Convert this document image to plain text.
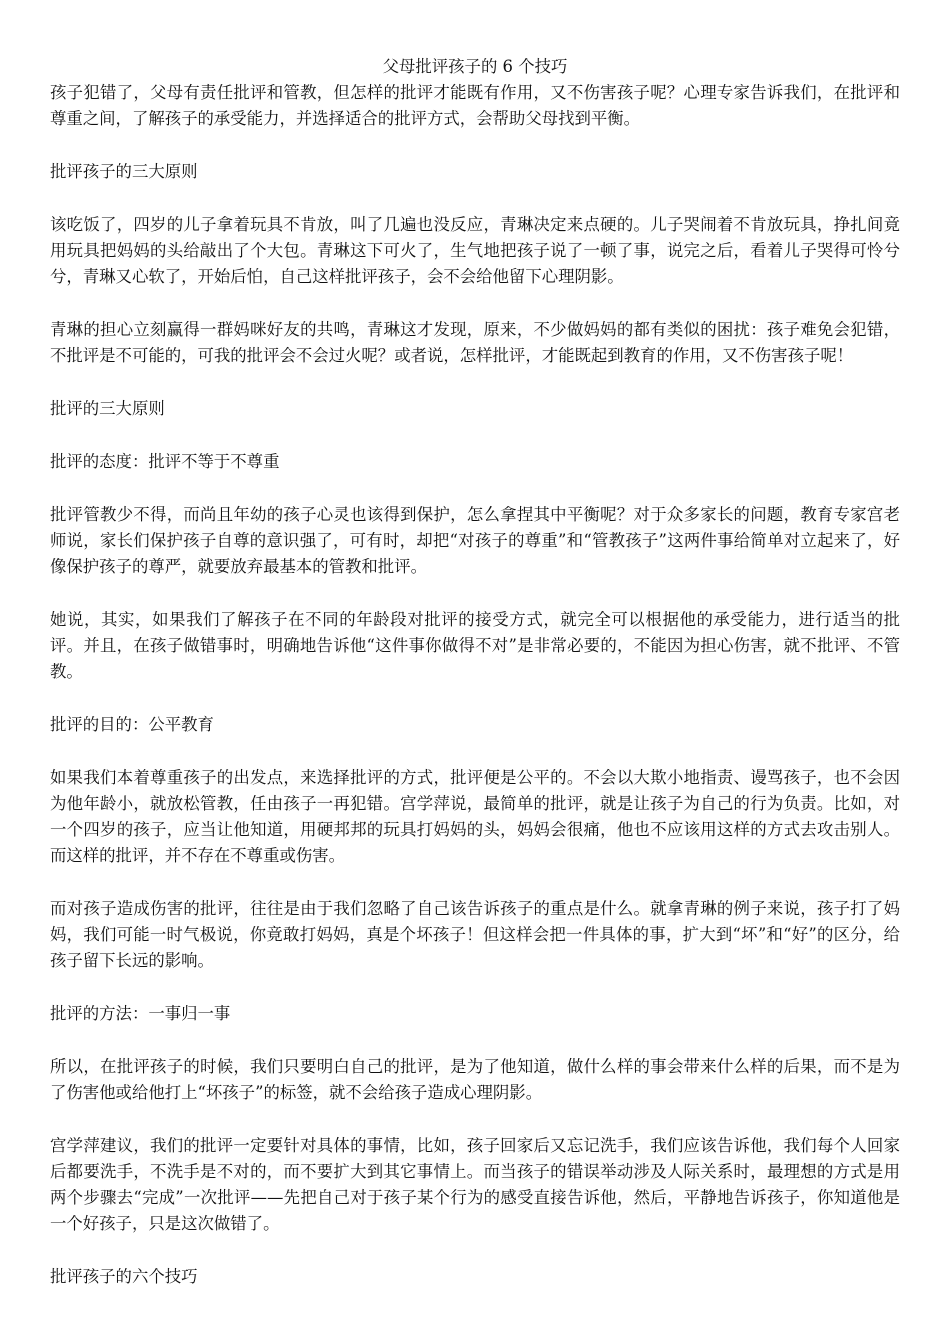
父母批评孩子的 6 个技巧

孩子犯错了，父母有责任批评和管教，但怎样的批评才能既有作用，又不伤害孩子呢？心理专家告诉我们，在批评和尊重之间，了解孩子的承受能力，并选择适合的批评方式，会帮助父母找到平衡。

批评孩子的三大原则

该吃饭了，四岁的儿子拿着玩具不肯放，叫了几遍也没反应，青琳决定来点硬的。儿子哭闹着不肯放玩具，挣扎间竟用玩具把妈妈的头给敲出了个大包。青琳这下可火了，生气地把孩子说了一顿了事，说完之后，看着儿子哭得可怜兮兮，青琳又心软了，开始后怕，自己这样批评孩子，会不会给他留下心理阴影。

青琳的担心立刻赢得一群妈咪好友的共鸣，青琳这才发现，原来，不少做妈妈的都有类似的困扰：孩子难免会犯错，不批评是不可能的，可我的批评会不会过火呢？或者说，怎样批评，才能既起到教育的作用，又不伤害孩子呢！

批评的三大原则

批评的态度：批评不等于不尊重

批评管教少不得，而尚且年幼的孩子心灵也该得到保护，怎么拿捏其中平衡呢？对于众多家长的问题，教育专家宫老师说，家长们保护孩子自尊的意识强了，可有时，却把“对孩子的尊重”和“管教孩子”这两件事给简单对立起来了，好像保护孩子的尊严，就要放弃最基本的管教和批评。

她说，其实，如果我们了解孩子在不同的年龄段对批评的接受方式，就完全可以根据他的承受能力，进行适当的批评。并且，在孩子做错事时，明确地告诉他“这件事你做得不对”是非常必要的，不能因为担心伤害，就不批评、不管教。

批评的目的：公平教育

如果我们本着尊重孩子的出发点，来选择批评的方式，批评便是公平的。不会以大欺小地指责、谩骂孩子，也不会因为他年龄小，就放松管教，任由孩子一再犯错。宫学萍说，最简单的批评，就是让孩子为自己的行为负责。比如，对一个四岁的孩子，应当让他知道，用硬邦邦的玩具打妈妈的头，妈妈会很痛，他也不应该用这样的方式去攻击别人。而这样的批评，并不存在不尊重或伤害。

而对孩子造成伤害的批评，往往是由于我们忽略了自己该告诉孩子的重点是什么。就拿青琳的例子来说，孩子打了妈妈，我们可能一时气极说，你竟敢打妈妈，真是个坏孩子！但这样会把一件具体的事，扩大到“坏”和“好”的区分，给孩子留下长远的影响。

批评的方法：一事归一事

所以，在批评孩子的时候，我们只要明白自己的批评，是为了他知道，做什么样的事会带来什么样的后果，而不是为了伤害他或给他打上“坏孩子”的标签，就不会给孩子造成心理阴影。

宫学萍建议，我们的批评一定要针对具体的事情，比如，孩子回家后又忘记洗手，我们应该告诉他，我们每个人回家后都要洗手，不洗手是不对的，而不要扩大到其它事情上。而当孩子的错误举动涉及人际关系时，最理想的方式是用两个步骤去“完成”一次批评——先把自己对于孩子某个行为的感受直接告诉他，然后，平静地告诉孩子，你知道他是一个好孩子，只是这次做错了。

批评孩子的六个技巧
